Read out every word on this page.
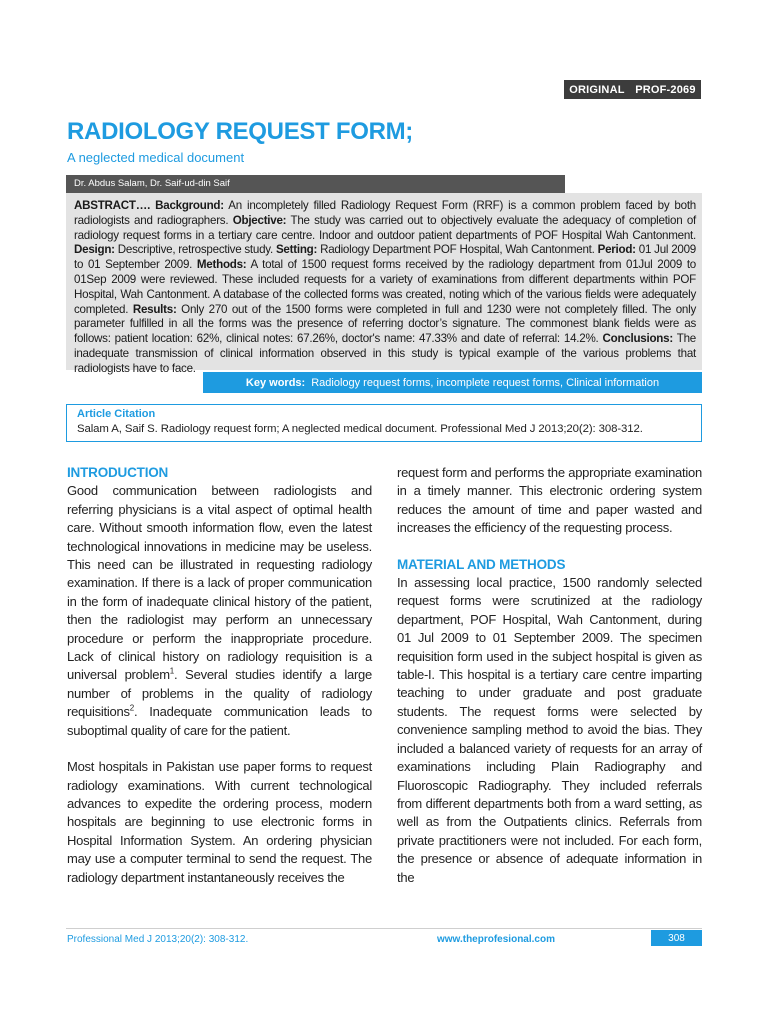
ORIGINAL PROF-2069
RADIOLOGY REQUEST FORM;
A neglected medical document
Dr. Abdus Salam, Dr. Saif-ud-din Saif
ABSTRACT…. Background: An incompletely filled Radiology Request Form (RRF) is a common problem faced by both radiologists and radiographers. Objective: The study was carried out to objectively evaluate the adequacy of completion of radiology request forms in a tertiary care centre. Indoor and outdoor patient departments of POF Hospital Wah Cantonment. Design: Descriptive, retrospective study. Setting: Radiology Department POF Hospital, Wah Cantonment. Period: 01 Jul 2009 to 01 September 2009. Methods: A total of 1500 request forms received by the radiology department from 01Jul 2009 to 01Sep 2009 were reviewed. These included requests for a variety of examinations from different departments within POF Hospital, Wah Cantonment. A database of the collected forms was created, noting which of the various fields were adequately completed. Results: Only 270 out of the 1500 forms were completed in full and 1230 were not completely filled. The only parameter fulfilled in all the forms was the presence of referring doctor’s signature. The commonest blank fields were as follows: patient location: 62%, clinical notes: 67.26%, doctor's name: 47.33% and date of referral: 14.2%. Conclusions: The inadequate transmission of clinical information observed in this study is typical example of the various problems that radiologists have to face.
Key words: Radiology request forms, incomplete request forms, Clinical information
Article Citation
Salam A, Saif S. Radiology request form; A neglected medical document. Professional Med J 2013;20(2): 308-312.
INTRODUCTION

Good communication between radiologists and referring physicians is a vital aspect of optimal health care. Without smooth information flow, even the latest technological innovations in medicine may be useless. This need can be illustrated in requesting radiology examination. If there is a lack of proper communication in the form of inadequate clinical history of the patient, then the radiologist may perform an unnecessary procedure or perform the inappropriate procedure. Lack of clinical history on radiology requisition is a universal problem$^1$. Several studies identify a large number of problems in the quality of radiology requisitions$^2$. Inadequate communication leads to suboptimal quality of care for the patient.

Most hospitals in Pakistan use paper forms to request radiology examinations. With current technological advances to expedite the ordering process, modern hospitals are beginning to use electronic forms in Hospital Information System. An ordering physician may use a computer terminal to send the request. The radiology department instantaneously receives the

request form and performs the appropriate examination in a timely manner. This electronic ordering system reduces the amount of time and paper wasted and increases the efficiency of the requesting process.

MATERIAL AND METHODS

In assessing local practice, 1500 randomly selected request forms were scrutinized at the radiology department, POF Hospital, Wah Cantonment, during 01 Jul 2009 to 01 September 2009. The specimen requisition form used in the subject hospital is given as table-I. This hospital is a tertiary care centre imparting teaching to under graduate and post graduate students. The request forms were selected by convenience sampling method to avoid the bias. They included a balanced variety of requests for an array of examinations including Plain Radiography and Fluoroscopic Radiography. They included referrals from different departments both from a ward setting, as well as from the Outpatients clinics. Referrals from private practitioners were not included. For each form, the presence or absence of adequate information in the

Professional Med J 2013;20(2): 308-312.	www.theprofesional.com	308
